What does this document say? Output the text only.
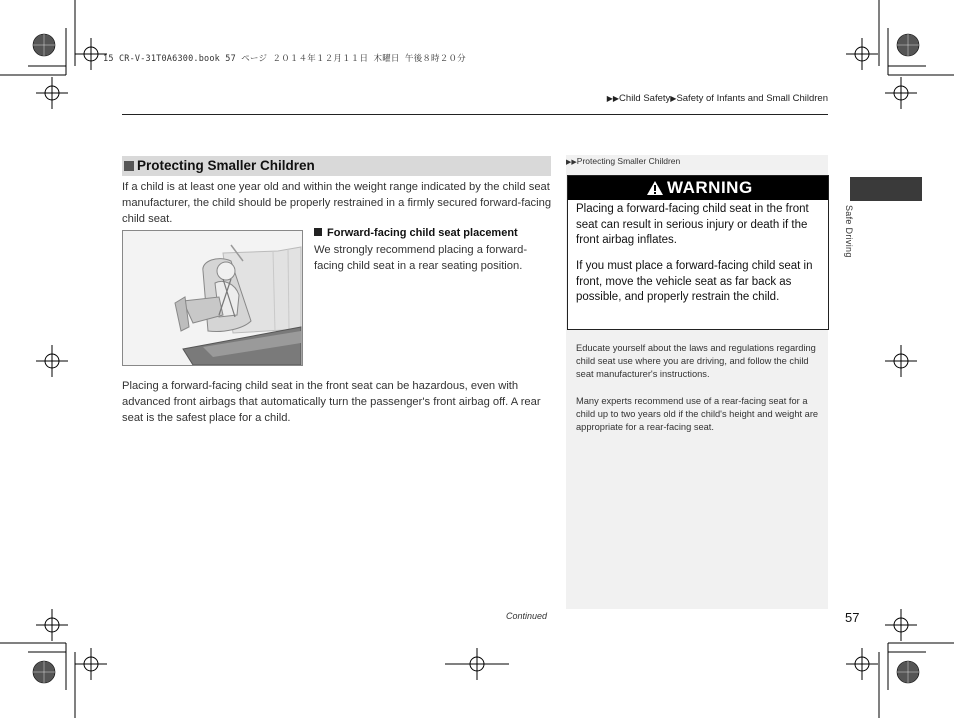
15 CR-V-31T0A6300.book 57 ページ ２０１４年１２月１１日 木曜日 午後８時２０分
▶▶Child Safety▶Safety of Infants and Small Children
Protecting Smaller Children
If a child is at least one year old and within the weight range indicated by the child seat manufacturer, the child should be properly restrained in a firmly secured forward-facing child seat.
Forward-facing child seat placement
We strongly recommend placing a forward-facing child seat in a rear seating position.
Placing a forward-facing child seat in the front seat can be hazardous, even with advanced front airbags that automatically turn the passenger's front airbag off. A rear seat is the safest place for a child.
Continued
▶▶Protecting Smaller Children
WARNING
Placing a forward-facing child seat in the front seat can result in serious injury or death if the front airbag inflates.
If you must place a forward-facing child seat in front, move the vehicle seat as far back as possible, and properly restrain the child.
Educate yourself about the laws and regulations regarding child seat use where you are driving, and follow the child seat manufacturer's instructions.
Many experts recommend use of a rear-facing seat for a child up to two years old if the child's height and weight are appropriate for a rear-facing seat.
Safe Driving
57
